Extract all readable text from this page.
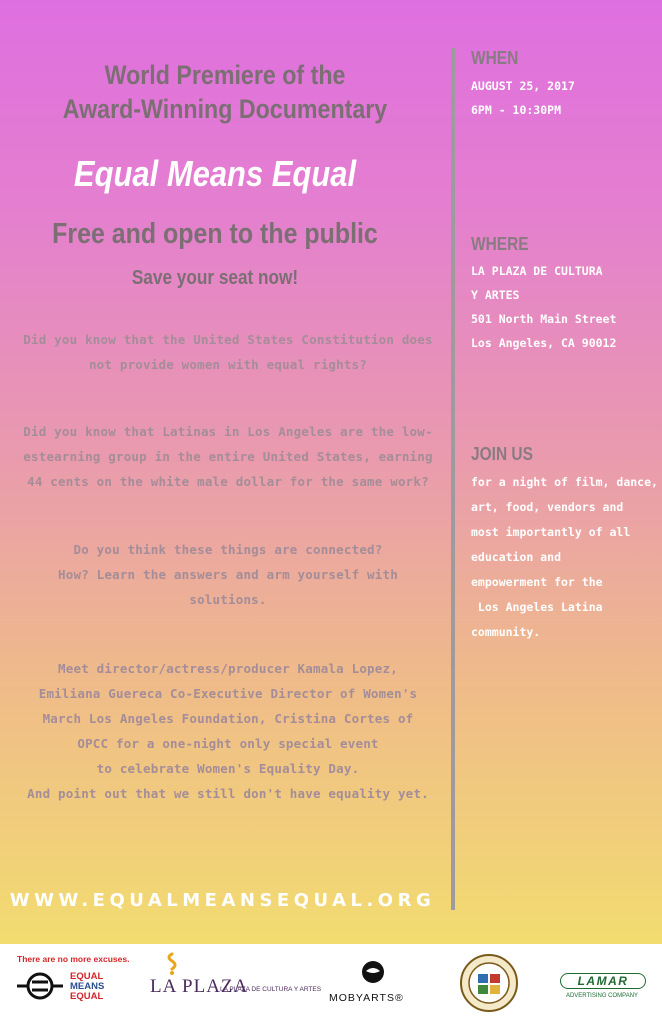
World Premiere of the

Award-Winning Documentary

Equal Means Equal

Free and open to the public

Save your seat now!

Did you know that the United States Constitution does
not provide women with equal rights?

Did you know that Latinas in Los Angeles are the low-
estearning group in the entire United States, earning
44 cents on the white male dollar for the same work?

Do you think these things are connected?
How? Learn the answers and arm yourself with
solutions.

Meet director/actress/producer Kamala Lopez,
Emiliana Guereca Co-Executive Director of Women's
March Los Angeles Foundation, Cristina Cortes of
OPCC for a one-night only special event
to celebrate Women's Equality Day.
And point out that we still don't have equality yet.

WWW.EQUALMEANSEQUAL.ORG

WHEN

AUGUST 25, 2017
6PM - 10:30PM

WHERE

LA PLAZA DE CULTURA
Y ARTES
501 North Main Street
Los Angeles, CA 90012

JOIN US

for a night of film, dance,
art, food, vendors and
most importantly of all
education and
empowerment for the
Los Angeles Latina
community.

There are no more excuses.
EQUAL
MEANS
EQUAL LA PLAZA
LA PLAZA DE CULTURA Y ARTES
MOBYARTS®
LAMAR
ADVERTISING COMPANY
